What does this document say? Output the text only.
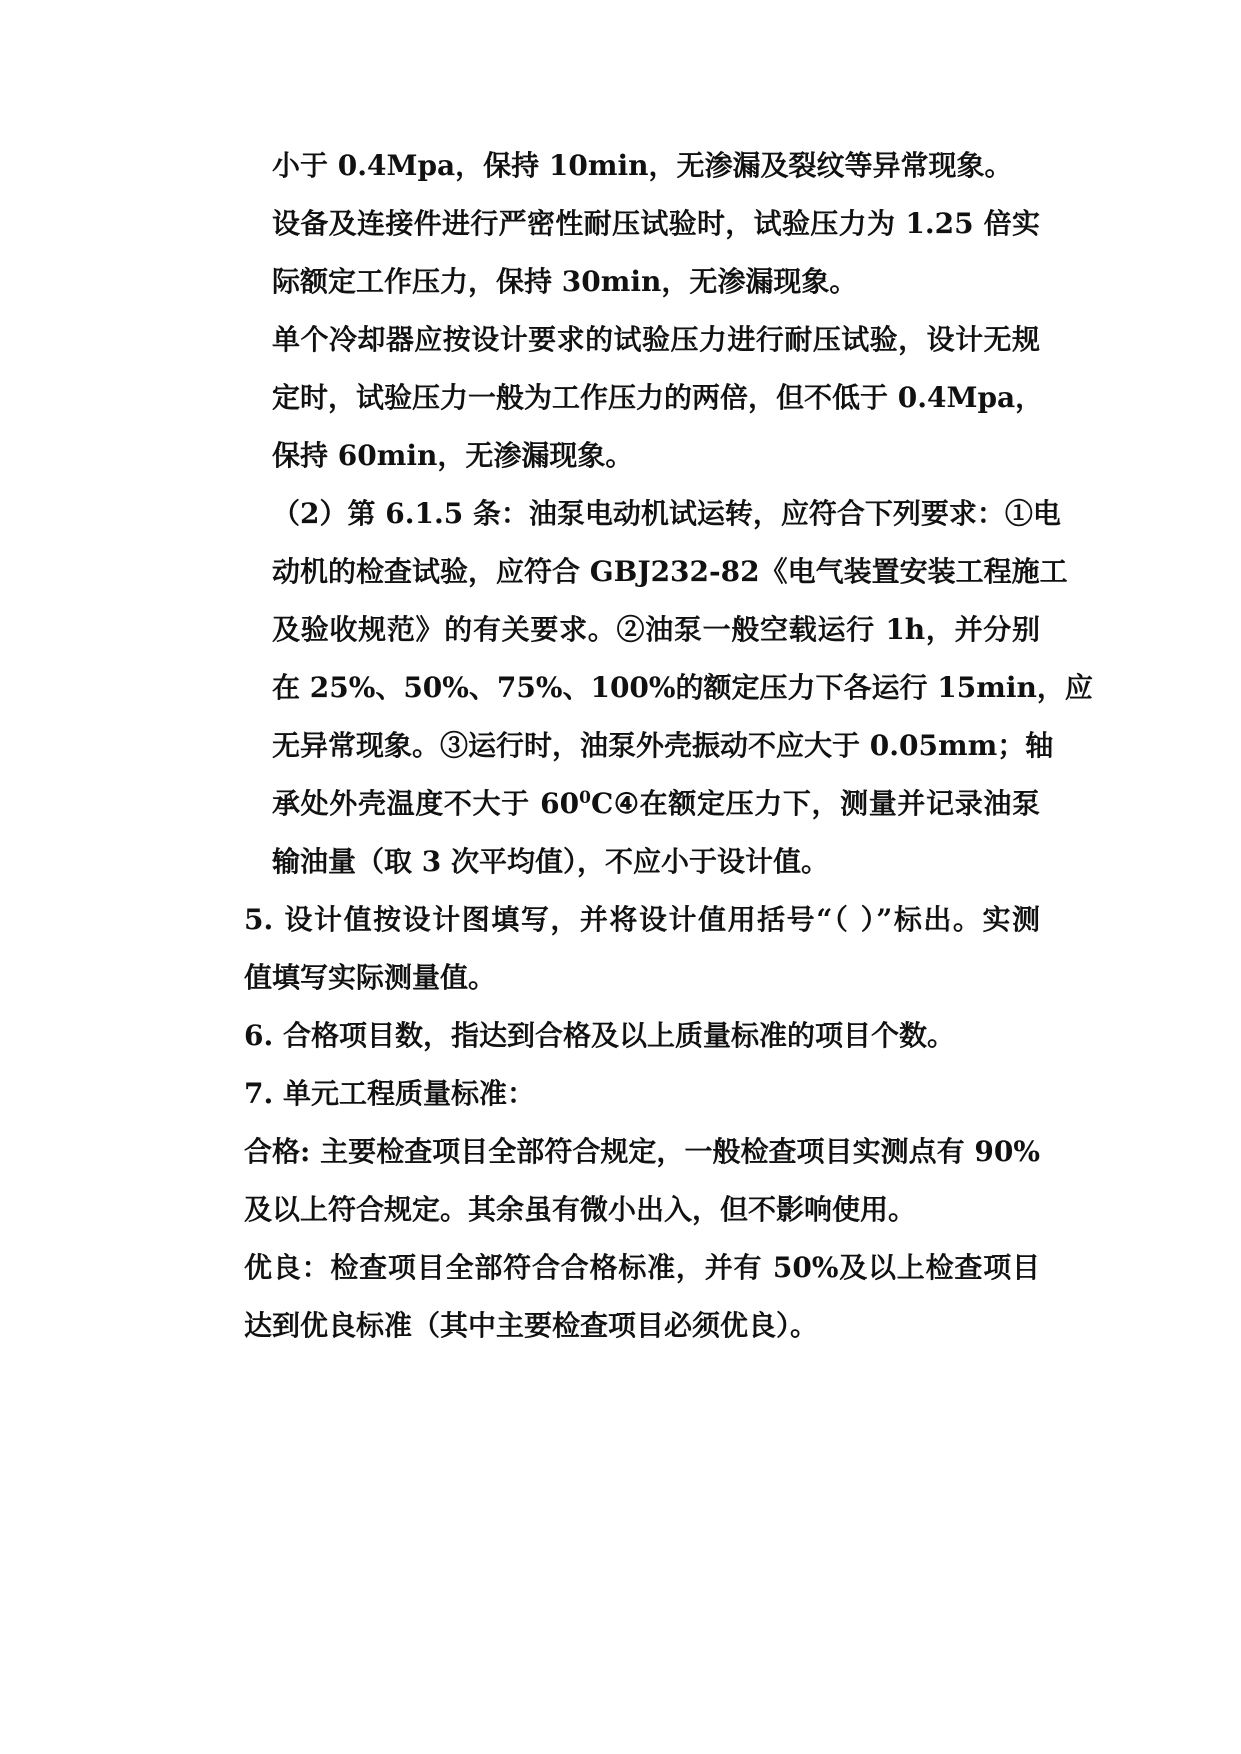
小于 0.4Mpa，保持 10min，无渗漏及裂纹等异常现象。
设备及连接件进行严密性耐压试验时，试验压力为 1.25 倍实
际额定工作压力，保持 30min，无渗漏现象。
单个冷却器应按设计要求的试验压力进行耐压试验，设计无规
定时，试验压力一般为工作压力的两倍，但不低于 0.4Mpa，
保持 60min，无渗漏现象。
（2）第 6.1.5 条：油泵电动机试运转，应符合下列要求：①电
动机的检查试验，应符合 GBJ232-82《电气装置安装工程施工
及验收规范》的有关要求。②油泵一般空载运行 1h，并分别
在 25%、50%、75%、100%的额定压力下各运行 15min，应
无异常现象。③运行时，油泵外壳振动不应大于 0.05mm；轴
承处外壳温度不大于 $60^0C④$在额定压力下，测量并记录油泵
输油量（取 3 次平均值），不应小于设计值。
5. 设计值按设计图填写，并将设计值用括号“（ ）”标出。实测
值填写实际测量值。
6. 合格项目数，指达到合格及以上质量标准的项目个数。
7. 单元工程质量标准：
合格: 主要检查项目全部符合规定，一般检查项目实测点有 90%
及以上符合规定。其余虽有微小出入，但不影响使用。
优良：检查项目全部符合合格标准，并有 50%及以上检查项目
达到优良标准（其中主要检查项目必须优良）。
